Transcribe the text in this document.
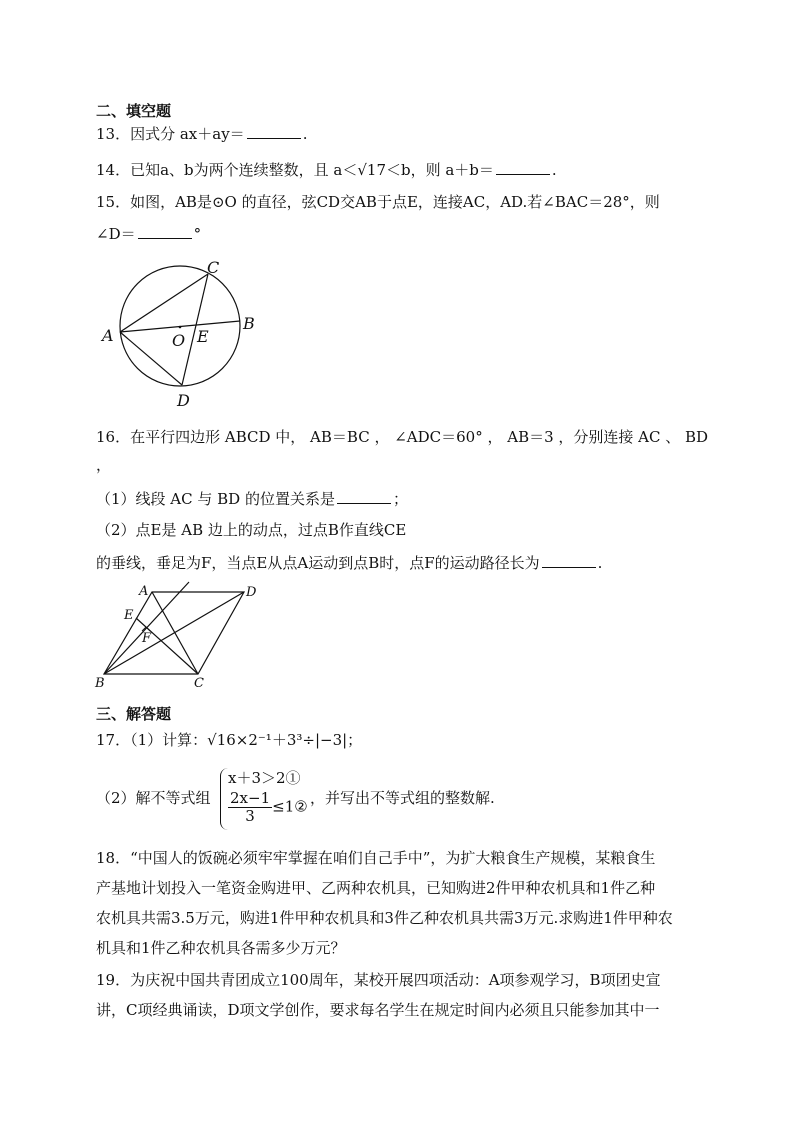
二、填空题
13．因式分 ax＋ay＝	.
14．已知a、b为两个连续整数，且 a＜√17＜b，则 a＋b＝	.
15．如图，AB是⊙O 的直径，弦CD交AB于点E，连接AC，AD.若∠BAC＝28°，则
∠D＝	°
A
B
C
D
O E
16．在平行四边形 ABCD 中， AB＝BC ， ∠ADC＝60° ， AB＝3 ，分别连接 AC 、 BD
，
（1）线段 AC 与 BD 的位置关系是	；
（2）点E是 AB 边上的动点，过点B作直线CE
的垂线，垂足为F，当点E从点A运动到点B时，点F的运动路径长为	.
A	D
B	C
E
F
三、解答题
17．（1）计算：√16×2⁻¹＋3³÷|−3|；
（2）解不等式组
x＋3＞2①
$\frac{2x-1}{3}$ ≤1② ，并写出不等式组的整数解.
18．“中国人的饭碗必须牢牢掌握在咱们自己手中”，为扩大粮食生产规模，某粮食生
产基地计划投入一笔资金购进甲、乙两种农机具，已知购进2件甲种农机具和1件乙种
农机具共需3.5万元，购进1件甲种农机具和3件乙种农机具共需3万元.求购进1件甲种农
机具和1件乙种农机具各需多少万元？
19．为庆祝中国共青团成立100周年，某校开展四项活动：A项参观学习，B项团史宣
讲，C项经典诵读，D项文学创作，要求每名学生在规定时间内必须且只能参加其中一
